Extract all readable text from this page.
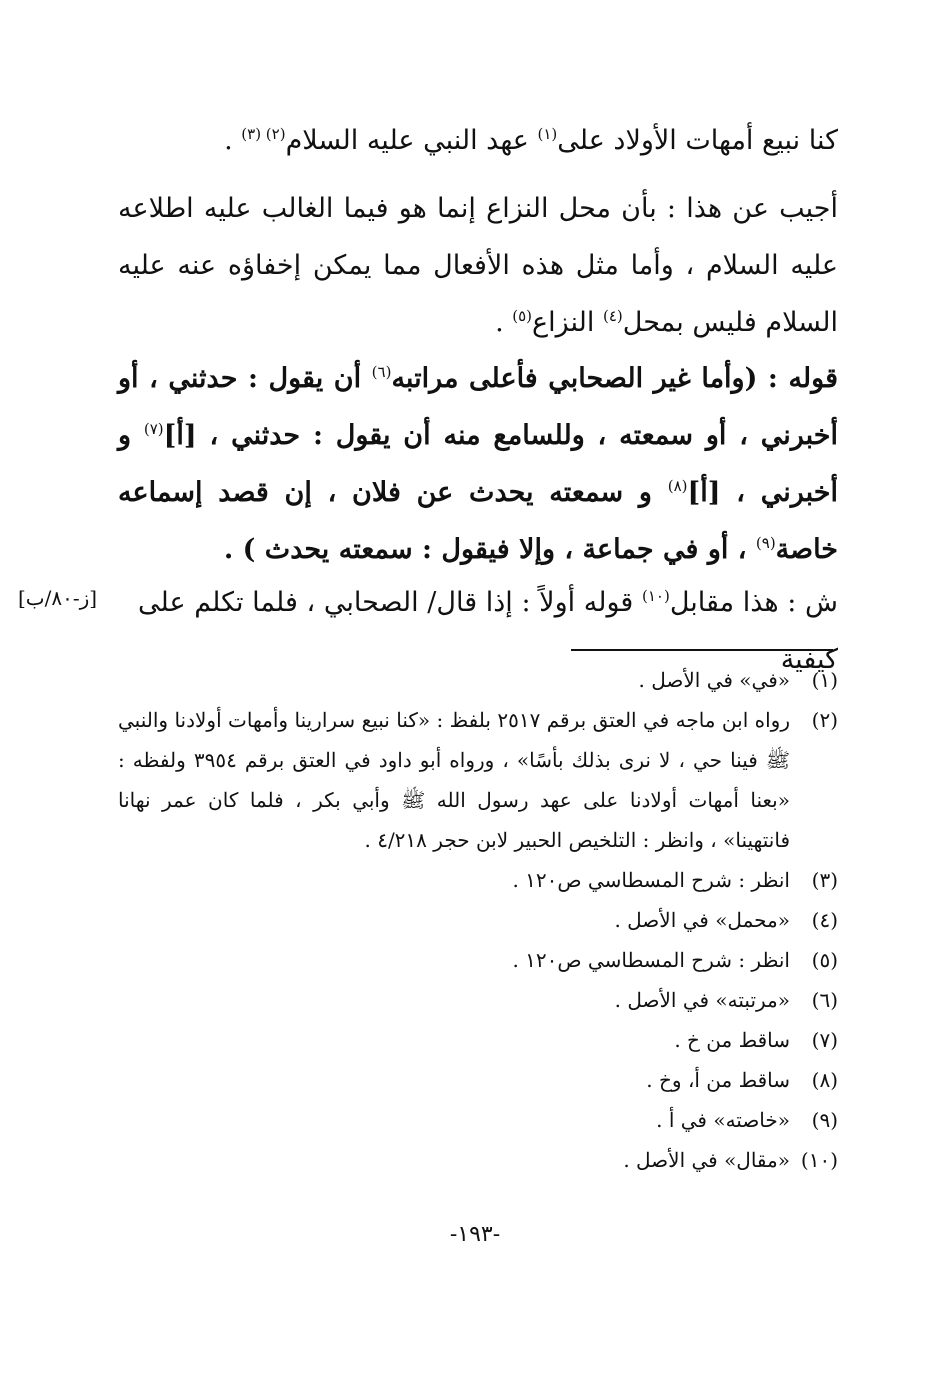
كنا نبيع أمهات الأولاد على$^{(١)}$ عهد النبي عليه السلام$^{(٢) (٣)}$ .

أجيب عن هذا : بأن محل النزاع إنما هو فيما الغالب عليه اطلاعه عليه السلام ، وأما مثل هذه الأفعال مما يمكن إخفاؤه عنه عليه السلام فليس بمحل$^{(٤)}$ النزاع$^{(٥)}$ .

قوله : (وأما غير الصحابي فأعلى مراتبه$^{(٦)}$ أن يقول : حدثني ، أو أخبرني ، أو سمعته ، وللسامع منه أن يقول : حدثني ، [أ]$^{(٧)}$ و أخبرني ، [أ]$^{(٨)}$ و سمعته يحدث عن فلان ، إن قصد إسماعه خاصة$^{(٩)}$ ، أو في جماعة ، وإلا فيقول : سمعته يحدث ) .

ش : هذا مقابل$^{(١٠)}$ قوله أولاً : إذا قال/ الصحابي ، فلما تكلم على كيفية

[ز-٨٠/ب]
(١)
«في» في الأصل .
(٢)
رواه ابن ماجه في العتق برقم ٢٥١٧ بلفظ : «كنا نبيع سرارينا وأمهات أولادنا والنبي ﷺ فينا حي ، لا نرى بذلك بأسًا» ، ورواه أبو داود في العتق برقم ٣٩٥٤ ولفظه : «بعنا أمهات أولادنا على عهد رسول الله ﷺ وأبي بكر ، فلما كان عمر نهانا فانتهينا» ، وانظر : التلخيص الحبير لابن حجر ٤/٢١٨ .
(٣)
انظر : شرح المسطاسي ص١٢٠ .
(٤)
«محمل» في الأصل .
(٥)
انظر : شرح المسطاسي ص١٢٠ .
(٦)
«مرتبته» في الأصل .
(٧)
ساقط من خ .
(٨)
ساقط من أ، وخ .
(٩)
«خاصته» في أ .
(١٠)
«مقال» في الأصل .
-١٩٣-
